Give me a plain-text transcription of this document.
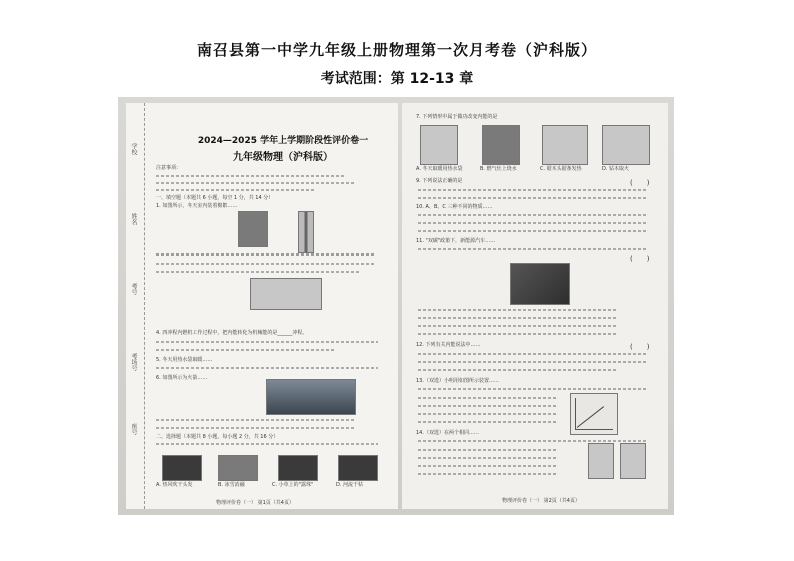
南召县第一中学九年级上册物理第一次月考卷（沪科版）
考试范围：第 12-13 章
学校
姓名
考号
考场号
座号
2024—2025 学年上学期阶段性评价卷一
九年级物理（沪科版）
注意事项：
一、填空题（本题共 6 小题，每空 1 分，共 14 分）
1. 如图所示，冬天室内装着棉絮……
4. 四冲程内燃机工作过程中，把内能转化为机械能的是______冲程。
5. 冬天用热水袋取暖……
6. 如图所示为火箭……
二、选择题（本题共 8 小题，每小题 2 分，共 16 分）
A. 热风吹干头发	B. 冰雪消融	C. 小草上的"露珠"	D. 河流干枯
物理评价卷（一） 第1页（共4页）
7. 下列情形中属于做功改变内能的是
A. 冬天取暖用热水袋	B. 燃气灶上烧水	C. 锯木头锯条发热	D. 钻木取火
9. 下列说法正确的是	(　　)
10. A、B、C 三种不同的物质……
11. "双碳"政策下，新能源汽车……
(　　)
12. 下列有关内能说法中……	(　　)
13.（双选）小明用如图所示装置……
14.（双选）在两个相同……
物理评价卷（一） 第2页（共4页）
